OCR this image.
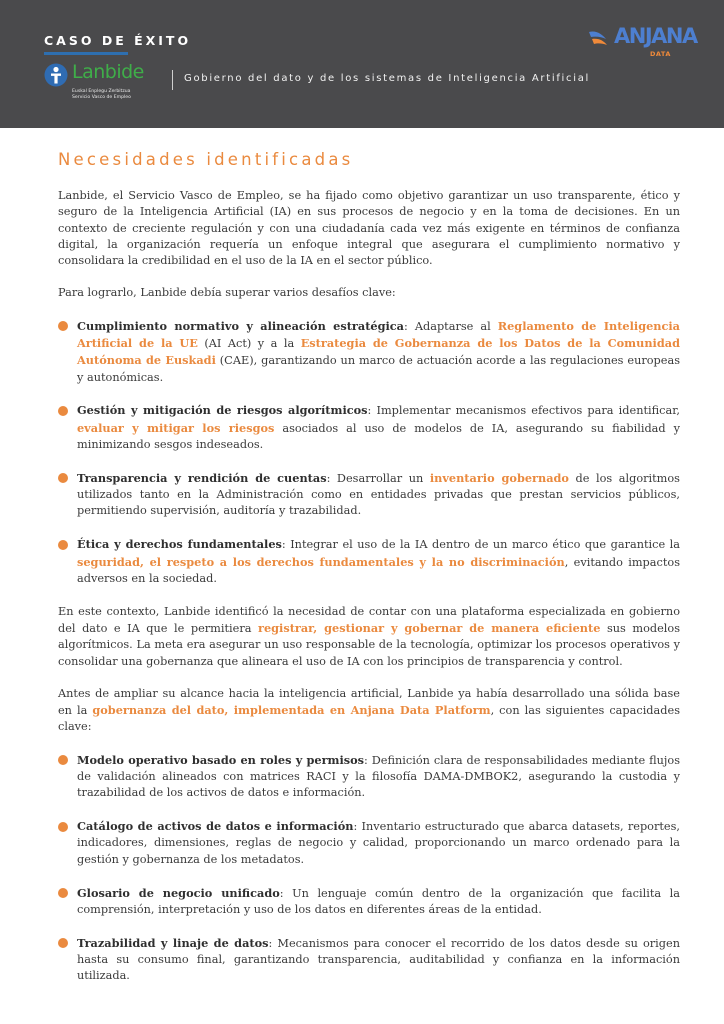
CASO DE ÉXITO
Lanbide
Euskal Enplegu Zerbitzua
Servicio Vasco de Empleo
Gobierno del dato y de los sistemas de Inteligencia Artificial
ANJANA
DATA
Necesidades identificadas

Lanbide, el Servicio Vasco de Empleo, se ha fijado como objetivo garantizar un uso transparente, ético y seguro de la Inteligencia Artificial (IA) en sus procesos de negocio y en la toma de decisiones. En un contexto de creciente regulación y con una ciudadanía cada vez más exigente en términos de confianza digital, la organización requería un enfoque integral que asegurara el cumplimiento normativo y consolidara la credibilidad en el uso de la IA en el sector público.

Para lograrlo, Lanbide debía superar varios desafíos clave:

Cumplimiento normativo y alineación estratégica: Adaptarse al Reglamento de Inteligencia Artificial de la UE (AI Act) y a la Estrategia de Gobernanza de los Datos de la Comunidad Autónoma de Euskadi (CAE), garantizando un marco de actuación acorde a las regulaciones europeas y autonómicas.
Gestión y mitigación de riesgos algorítmicos: Implementar mecanismos efectivos para identificar, evaluar y mitigar los riesgos asociados al uso de modelos de IA, asegurando su fiabilidad y minimizando sesgos indeseados.
Transparencia y rendición de cuentas: Desarrollar un inventario gobernado de los algoritmos utilizados tanto en la Administración como en entidades privadas que prestan servicios públicos, permitiendo supervisión, auditoría y trazabilidad.
Ética y derechos fundamentales: Integrar el uso de la IA dentro de un marco ético que garantice la seguridad, el respeto a los derechos fundamentales y la no discriminación, evitando impactos adversos en la sociedad.

En este contexto, Lanbide identificó la necesidad de contar con una plataforma especializada en gobierno del dato e IA que le permitiera registrar, gestionar y gobernar de manera eficiente sus modelos algorítmicos. La meta era asegurar un uso responsable de la tecnología, optimizar los procesos operativos y consolidar una gobernanza que alineara el uso de IA con los principios de transparencia y control.

Antes de ampliar su alcance hacia la inteligencia artificial, Lanbide ya había desarrollado una sólida base en la gobernanza del dato, implementada en Anjana Data Platform, con las siguientes capacidades clave:

Modelo operativo basado en roles y permisos: Definición clara de responsabilidades mediante flujos de validación alineados con matrices RACI y la filosofía DAMA-DMBOK2, asegurando la custodia y trazabilidad de los activos de datos e información.
Catálogo de activos de datos e información: Inventario estructurado que abarca datasets, reportes, indicadores, dimensiones, reglas de negocio y calidad, proporcionando un marco ordenado para la gestión y gobernanza de los metadatos.
Glosario de negocio unificado: Un lenguaje común dentro de la organización que facilita la comprensión, interpretación y uso de los datos en diferentes áreas de la entidad.
Trazabilidad y linaje de datos: Mecanismos para conocer el recorrido de los datos desde su origen hasta su consumo final, garantizando transparencia, auditabilidad y confianza en la información utilizada.
